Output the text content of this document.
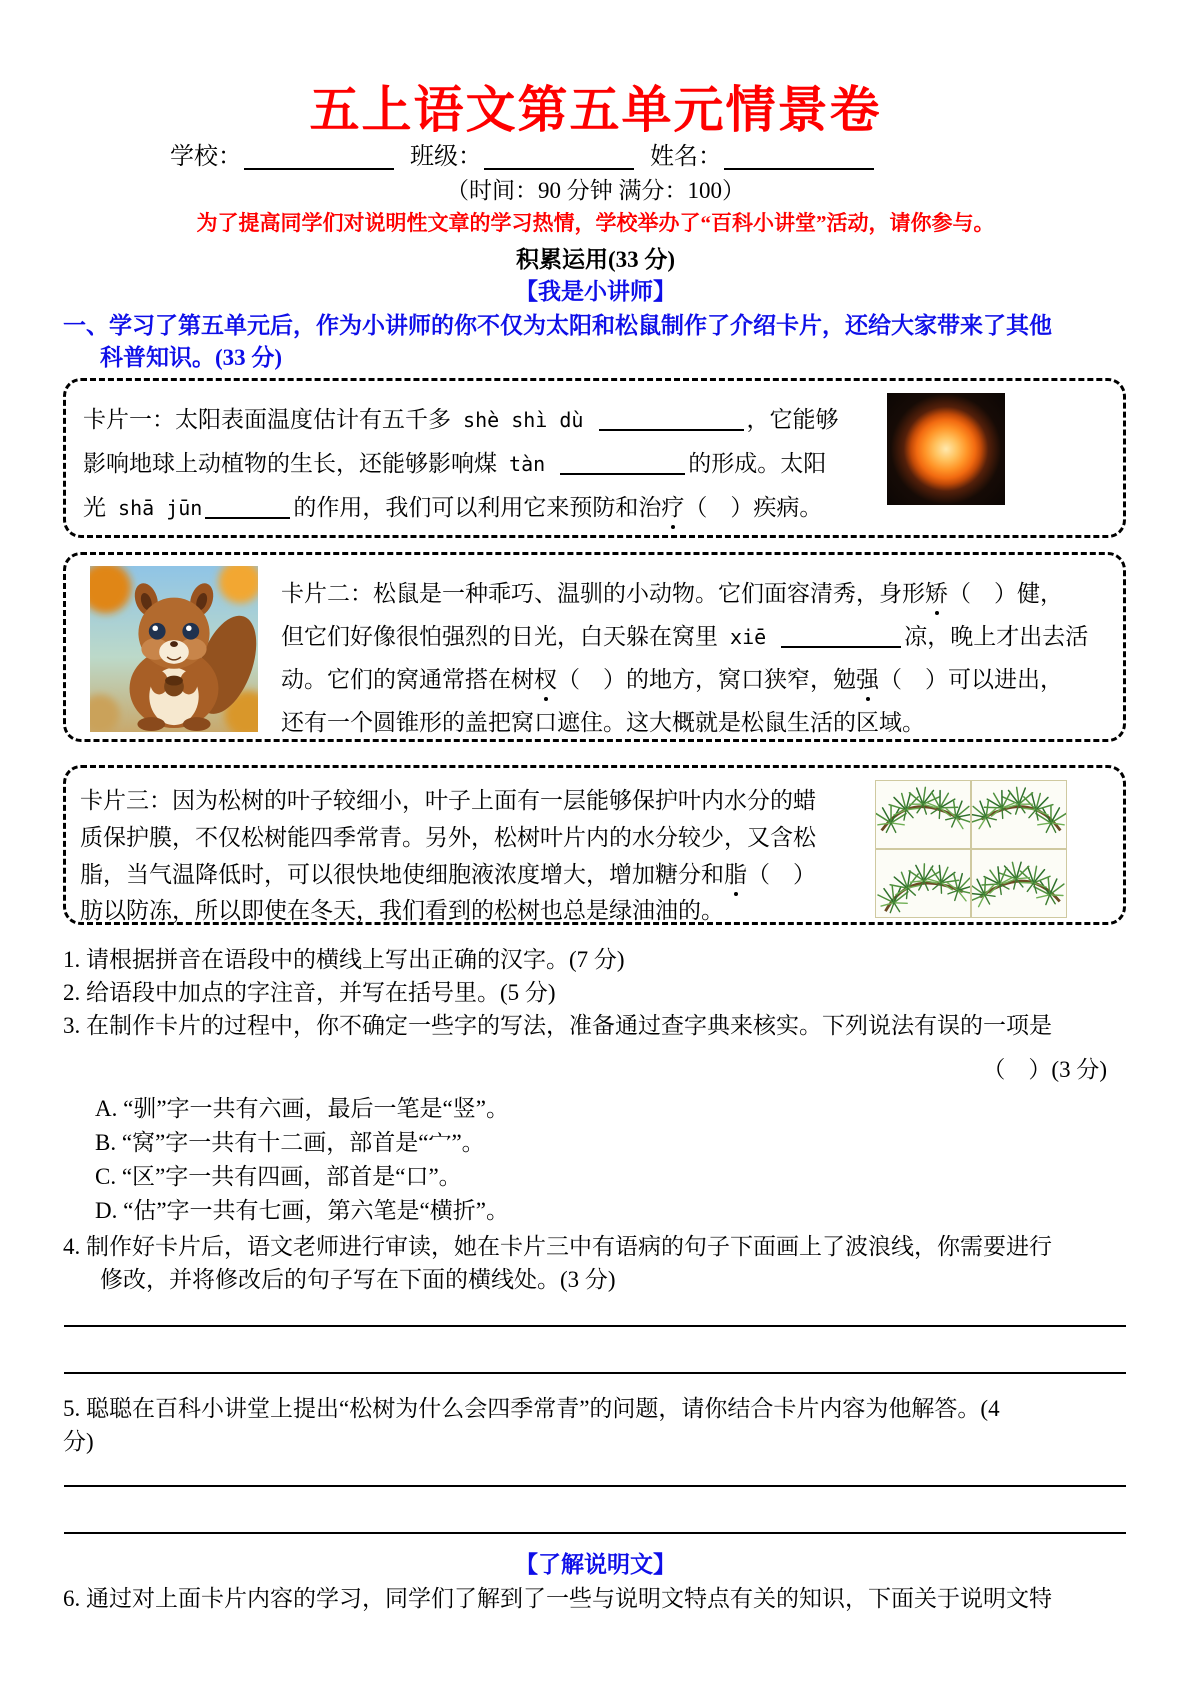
五上语文第五单元情景卷
学校：	班级：	姓名：
（时间：90 分钟 满分：100）
为了提高同学们对说明性文章的学习热情，学校举办了“百科小讲堂”活动，请你参与。
积累运用(33 分)
【我是小讲师】
一、学习了第五单元后，作为小讲师的你不仅为太阳和松鼠制作了介绍卡片，还给大家带来了其他
科普知识。(33 分)
卡片一：太阳表面温度估计有五千多 shè shì dù	，它能够
影响地球上动植物的生长，还能够影响煤 tàn	的形成。太阳
光 shā jūn	的作用，我们可以利用它来预防和治疗（　）疾病。
卡片二：松鼠是一种乖巧、温驯的小动物。它们面容清秀，身形矫（　）健，
但它们好像很怕强烈的日光，白天躲在窝里 xiē	凉，晚上才出去活
动。它们的窝通常搭在树杈（　）的地方，窝口狭窄，勉强（　）可以进出，
还有一个圆锥形的盖把窝口遮住。这大概就是松鼠生活的区域。
卡片三：因为松树的叶子较细小，叶子上面有一层能够保护叶内水分的蜡
质保护膜，不仅松树能四季常青。另外，松树叶片内的水分较少，又含松
脂，当气温降低时，可以很快地使细胞液浓度增大，增加糖分和脂（　）
肪以防冻，所以即使在冬天，我们看到的松树也总是绿油油的。
1. 请根据拼音在语段中的横线上写出正确的汉字。(7 分)
2. 给语段中加点的字注音，并写在括号里。(5 分)
3. 在制作卡片的过程中，你不确定一些字的写法，准备通过查字典来核实。下列说法有误的一项是
（　）(3 分)
A. “驯”字一共有六画，最后一笔是“竖”。
B. “窝”字一共有十二画，部首是“宀”。
C. “区”字一共有四画，部首是“口”。
D. “估”字一共有七画，第六笔是“横折”。
4. 制作好卡片后，语文老师进行审读，她在卡片三中有语病的句子下面画上了波浪线，你需要进行
修改，并将修改后的句子写在下面的横线处。(3 分)
5. 聪聪在百科小讲堂上提出“松树为什么会四季常青”的问题，请你结合卡片内容为他解答。(4
分)
【了解说明文】
6. 通过对上面卡片内容的学习，同学们了解到了一些与说明文特点有关的知识，下面关于说明文特
